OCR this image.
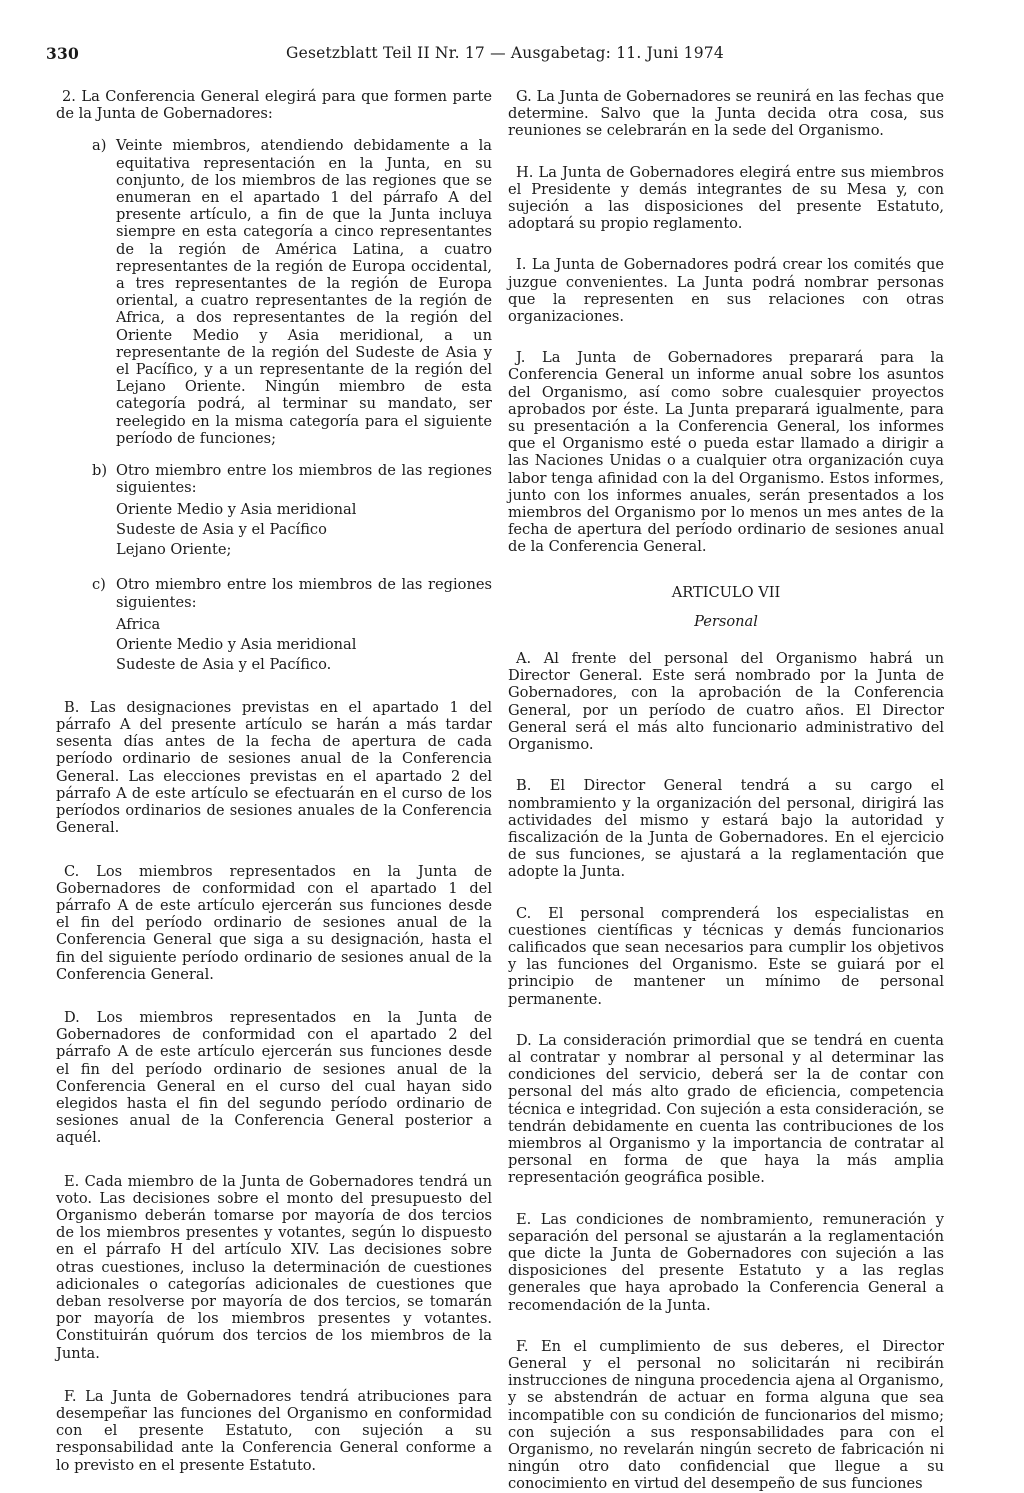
330	Gesetzblatt Teil II Nr. 17 — Ausgabetag: 11. Juni 1974

2. La Conferencia General elegirá para que formen parte de la Junta de Gobernadores:

a) Veinte miembros, atendiendo debidamente a la equitativa representación en la Junta, en su conjunto, de los miembros de las regiones que se enumeran en el apartado 1 del párrafo A del presente artículo, a fin de que la Junta incluya siempre en esta categoría a cinco representantes de la región de América Latina, a cuatro representantes de la región de Europa occidental, a tres representantes de la región de Europa oriental, a cuatro representantes de la región de Africa, a dos representantes de la región del Oriente Medio y Asia meridional, a un representante de la región del Sudeste de Asia y el Pacífico, y a un representante de la región del Lejano Oriente. Ningún miembro de esta categoría podrá, al terminar su mandato, ser reelegido en la misma categoría para el siguiente período de funciones;

b) Otro miembro entre los miembros de las regiones siguientes:

Oriente Medio y Asia meridional
Sudeste de Asia y el Pacífico
Lejano Oriente;

c) Otro miembro entre los miembros de las regiones siguientes:

Africa
Oriente Medio y Asia meridional
Sudeste de Asia y el Pacífico.

B. Las designaciones previstas en el apartado 1 del párrafo A del presente artículo se harán a más tardar sesenta días antes de la fecha de apertura de cada período ordinario de sesiones anual de la Conferencia General. Las elecciones previstas en el apartado 2 del párrafo A de este artículo se efectuarán en el curso de los períodos ordinarios de sesiones anuales de la Conferencia General.

C. Los miembros representados en la Junta de Gobernadores de conformidad con el apartado 1 del párrafo A de este artículo ejercerán sus funciones desde el fin del período ordinario de sesiones anual de la Conferencia General que siga a su designación, hasta el fin del siguiente período ordinario de sesiones anual de la Conferencia General.

D. Los miembros representados en la Junta de Gobernadores de conformidad con el apartado 2 del párrafo A de este artículo ejercerán sus funciones desde el fin del período ordinario de sesiones anual de la Conferencia General en el curso del cual hayan sido elegidos hasta el fin del segundo período ordinario de sesiones anual de la Conferencia General posterior a aquél.

E. Cada miembro de la Junta de Gobernadores tendrá un voto. Las decisiones sobre el monto del presupuesto del Organismo deberán tomarse por mayoría de dos tercios de los miembros presentes y votantes, según lo dispuesto en el párrafo H del artículo XIV. Las decisiones sobre otras cuestiones, incluso la determinación de cuestiones adicionales o categorías adicionales de cuestiones que deban resolverse por mayoría de dos tercios, se tomarán por mayoría de los miembros presentes y votantes. Constituirán quórum dos tercios de los miembros de la Junta.

F. La Junta de Gobernadores tendrá atribuciones para desempeñar las funciones del Organismo en conformidad con el presente Estatuto, con sujeción a su responsabilidad ante la Conferencia General conforme a lo previsto en el presente Estatuto.

G. La Junta de Gobernadores se reunirá en las fechas que determine. Salvo que la Junta decida otra cosa, sus reuniones se celebrarán en la sede del Organismo.

H. La Junta de Gobernadores elegirá entre sus miembros el Presidente y demás integrantes de su Mesa y, con sujeción a las disposiciones del presente Estatuto, adoptará su propio reglamento.

I. La Junta de Gobernadores podrá crear los comités que juzgue convenientes. La Junta podrá nombrar personas que la representen en sus relaciones con otras organizaciones.

J. La Junta de Gobernadores preparará para la Conferencia General un informe anual sobre los asuntos del Organismo, así como sobre cualesquier proyectos aprobados por éste. La Junta preparará igualmente, para su presentación a la Conferencia General, los informes que el Organismo esté o pueda estar llamado a dirigir a las Naciones Unidas o a cualquier otra organización cuya labor tenga afinidad con la del Organismo. Estos informes, junto con los informes anuales, serán presentados a los miembros del Organismo por lo menos un mes antes de la fecha de apertura del período ordinario de sesiones anual de la Conferencia General.

ARTICULO VII

Personal

A. Al frente del personal del Organismo habrá un Director General. Este será nombrado por la Junta de Gobernadores, con la aprobación de la Conferencia General, por un período de cuatro años. El Director General será el más alto funcionario administrativo del Organismo.

B. El Director General tendrá a su cargo el nombramiento y la organización del personal, dirigirá las actividades del mismo y estará bajo la autoridad y fiscalización de la Junta de Gobernadores. En el ejercicio de sus funciones, se ajustará a la reglamentación que adopte la Junta.

C. El personal comprenderá los especialistas en cuestiones científicas y técnicas y demás funcionarios calificados que sean necesarios para cumplir los objetivos y las funciones del Organismo. Este se guiará por el principio de mantener un mínimo de personal permanente.

D. La consideración primordial que se tendrá en cuenta al contratar y nombrar al personal y al determinar las condiciones del servicio, deberá ser la de contar con personal del más alto grado de eficiencia, competencia técnica e integridad. Con sujeción a esta consideración, se tendrán debidamente en cuenta las contribuciones de los miembros al Organismo y la importancia de contratar al personal en forma de que haya la más amplia representación geográfica posible.

E. Las condiciones de nombramiento, remuneración y separación del personal se ajustarán a la reglamentación que dicte la Junta de Gobernadores con sujeción a las disposiciones del presente Estatuto y a las reglas generales que haya aprobado la Conferencia General a recomendación de la Junta.

F. En el cumplimiento de sus deberes, el Director General y el personal no solicitarán ni recibirán instrucciones de ninguna procedencia ajena al Organismo, y se abstendrán de actuar en forma alguna que sea incompatible con su condición de funcionarios del mismo; con sujeción a sus responsabilidades para con el Organismo, no revelarán ningún secreto de fabricación ni ningún otro dato confidencial que llegue a su conocimiento en virtud del desempeño de sus funciones
